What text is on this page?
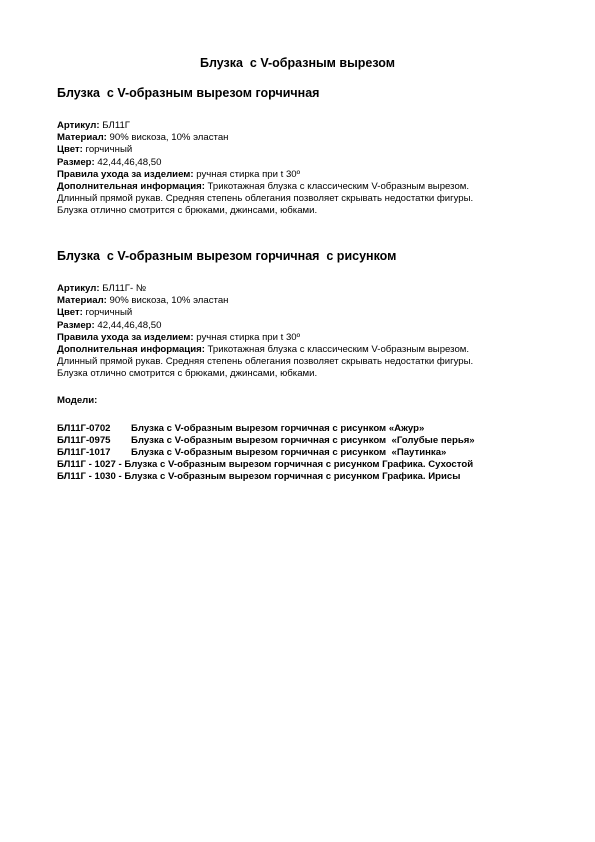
Блузка  с V-образным вырезом
Блузка  с V-образным вырезом горчичная
Артикул: БЛ11Г
Материал: 90% вискоза, 10% эластан
Цвет: горчичный
Размер: 42,44,46,48,50
Правила ухода за изделием: ручная стирка при t 30º
Дополнительная информация: Трикотажная блузка с классическим V-образным вырезом.
Длинный прямой рукав. Средняя степень облегания позволяет скрывать недостатки фигуры.
Блузка отлично смотрится с брюками, джинсами, юбками.
Блузка  с V-образным вырезом горчичная  с рисунком
Артикул: БЛ11Г- №
Материал: 90% вискоза, 10% эластан
Цвет: горчичный
Размер: 42,44,46,48,50
Правила ухода за изделием: ручная стирка при t 30º
Дополнительная информация: Трикотажная блузка с классическим V-образным вырезом.
Длинный прямой рукав. Средняя степень облегания позволяет скрывать недостатки фигуры.
Блузка отлично смотрится с брюками, джинсами, юбками.
Модели:
БЛ11Г-0702 Блузка с V-образным вырезом горчичная с рисунком «Ажур»
БЛ11Г-0975 Блузка с V-образным вырезом горчичная с рисунком  «Голубые перья»
БЛ11Г-1017 Блузка с V-образным вырезом горчичная с рисунком  «Паутинка»
БЛ11Г - 1027 - Блузка с V-образным вырезом горчичная с рисунком Графика. Сухостой
БЛ11Г - 1030 - Блузка с V-образным вырезом горчичная с рисунком Графика. Ирисы
